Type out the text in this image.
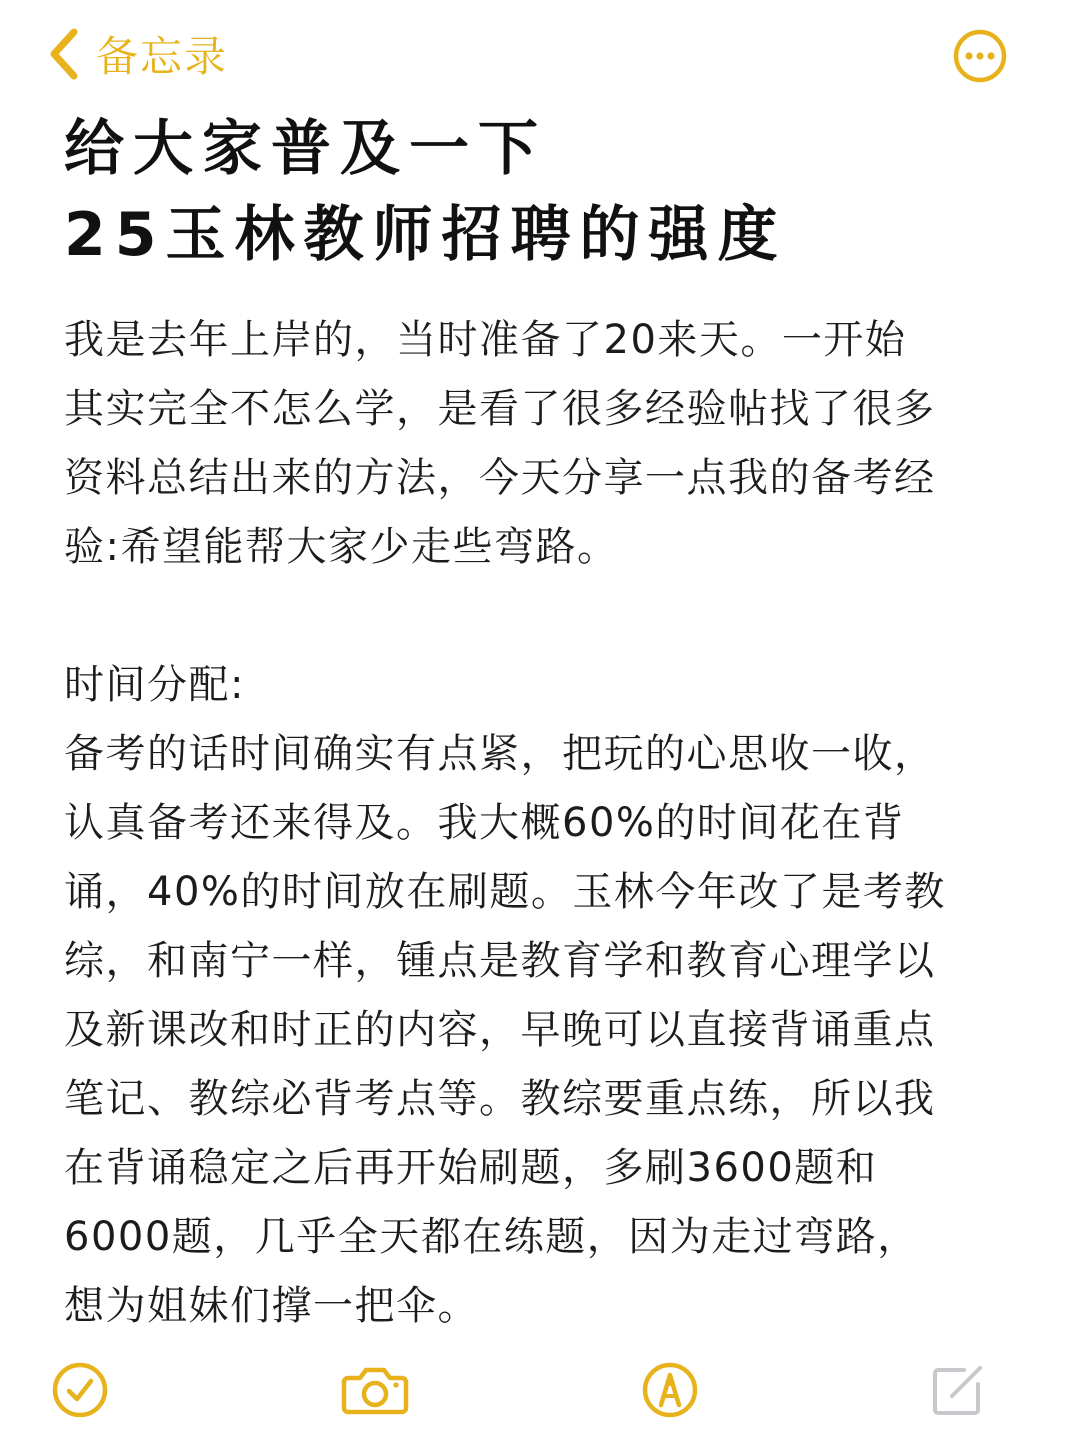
备忘录
给大家普及一下
25玉林教师招聘的强度

我是去年上岸的，当时准备了20来天。一开始

其实完全不怎么学，是看了很多经验帖找了很多

资料总结出来的方法，今天分享一点我的备考经

验:希望能帮大家少走些弯路。

时间分配:

备考的话时间确实有点紧，把玩的心思收一收，

认真备考还来得及。我大概60%的时间花在背

诵，40%的时间放在刷题。玉林今年改了是考教

综，和南宁一样，锺点是教育学和教育心理学以

及新课改和时正的内容，早晚可以直接背诵重点

笔记、教综必背考点等。教综要重点练，所以我

在背诵稳定之后再开始刷题，多刷3600题和

6000题，几乎全天都在练题，因为走过弯路，

想为姐妹们撑一把伞。
